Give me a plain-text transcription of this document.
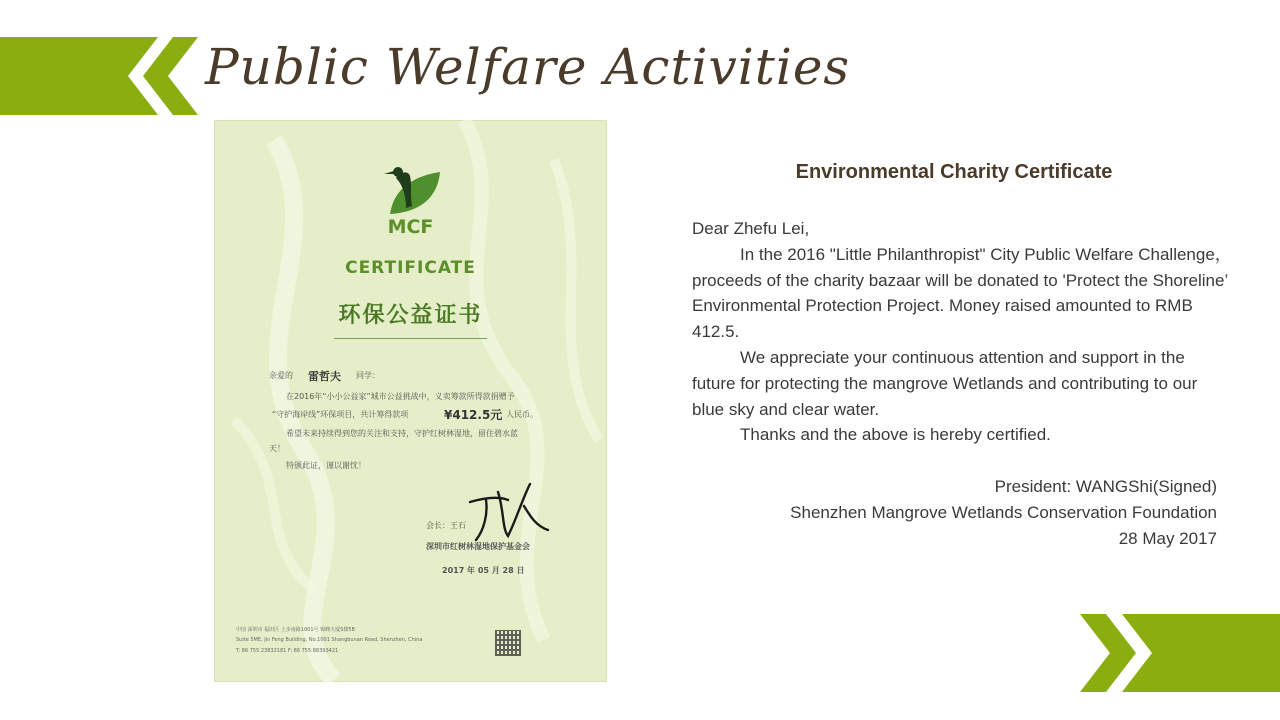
Public Welfare Activities
MCF
CERTIFICATE
环保公益证书
亲爱的 雷哲夫 同学：
在2016年“小小公益家”城市公益挑战中，义卖筹款所得款捐赠予
“守护海岸线”环保项目，共计筹得款项	¥412.5元 人民币。
希望未来持续得到您的关注和支持，守护红树林湿地，留住碧水蓝
天！
特颁此证，谨以谢忱！
会长：王石
深圳市红树林湿地保护基金会
2017 年 05 月 28 日
中国 深圳市 福田区 上步南路1001号 锦峰大厦5楼5B
Suite 5ME, Jin Feng Building, No.1001 Shangbunan Road, Shenzhen, China
T: 86 755 23832181 F: 86 755 88393421
Environmental Charity Certificate

Dear Zhefu Lei,

In the 2016 "Little Philanthropist" City Public Welfare Challenge，proceeds of the charity bazaar will be donated to 'Protect the Shoreline’ Environmental Protection Project. Money raised amounted to RMB 412.5.

We appreciate your continuous attention and support in the future for protecting the mangrove Wetlands and contributing to our blue sky and clear water.

Thanks and the above is hereby certified.

President: WANGShi(Signed)
Shenzhen Mangrove Wetlands Conservation Foundation
28 May 2017
